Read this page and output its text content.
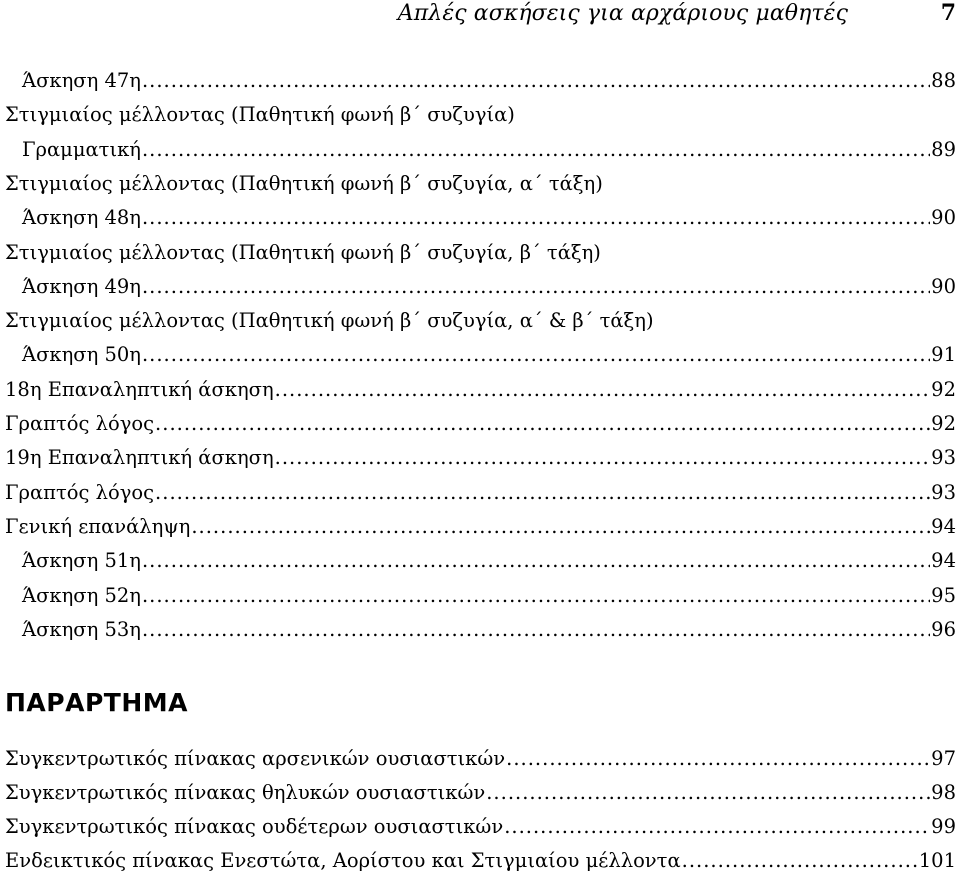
Απλές ασκήσεις για αρχάριους μαθητές	7
Άσκηση 47η .....	88
Στιγμιαίος μέλλοντας (Παθητική φωνή β΄ συζυγία)
Γραμματική .....	89
Στιγμιαίος μέλλοντας (Παθητική φωνή β΄ συζυγία, α΄ τάξη)
Άσκηση 48η .....	90
Στιγμιαίος μέλλοντας (Παθητική φωνή β΄ συζυγία, β΄ τάξη)
Άσκηση 49η .....	90
Στιγμιαίος μέλλοντας (Παθητική φωνή β΄ συζυγία, α΄ & β΄ τάξη)
Άσκηση 50η .....	91
18η Επαναληπτική άσκηση .....	92
Γραπτός λόγος .....	92
19η Επαναληπτική άσκηση .....	93
Γραπτός λόγος .....	93
Γενική επανάληψη .....	94
Άσκηση 51η .....	94
Άσκηση 52η .....	95
Άσκηση 53η .....	96
ΠΑΡΑΡΤΗΜΑ
Συγκεντρωτικός πίνακας αρσενικών ουσιαστικών .....	97
Συγκεντρωτικός πίνακας θηλυκών ουσιαστικών .....	98
Συγκεντρωτικός πίνακας ουδέτερων ουσιαστικών .....	99
Ενδεικτικός πίνακας Ενεστώτα, Αορίστου και Στιγμιαίου μέλλοντα .....	101
